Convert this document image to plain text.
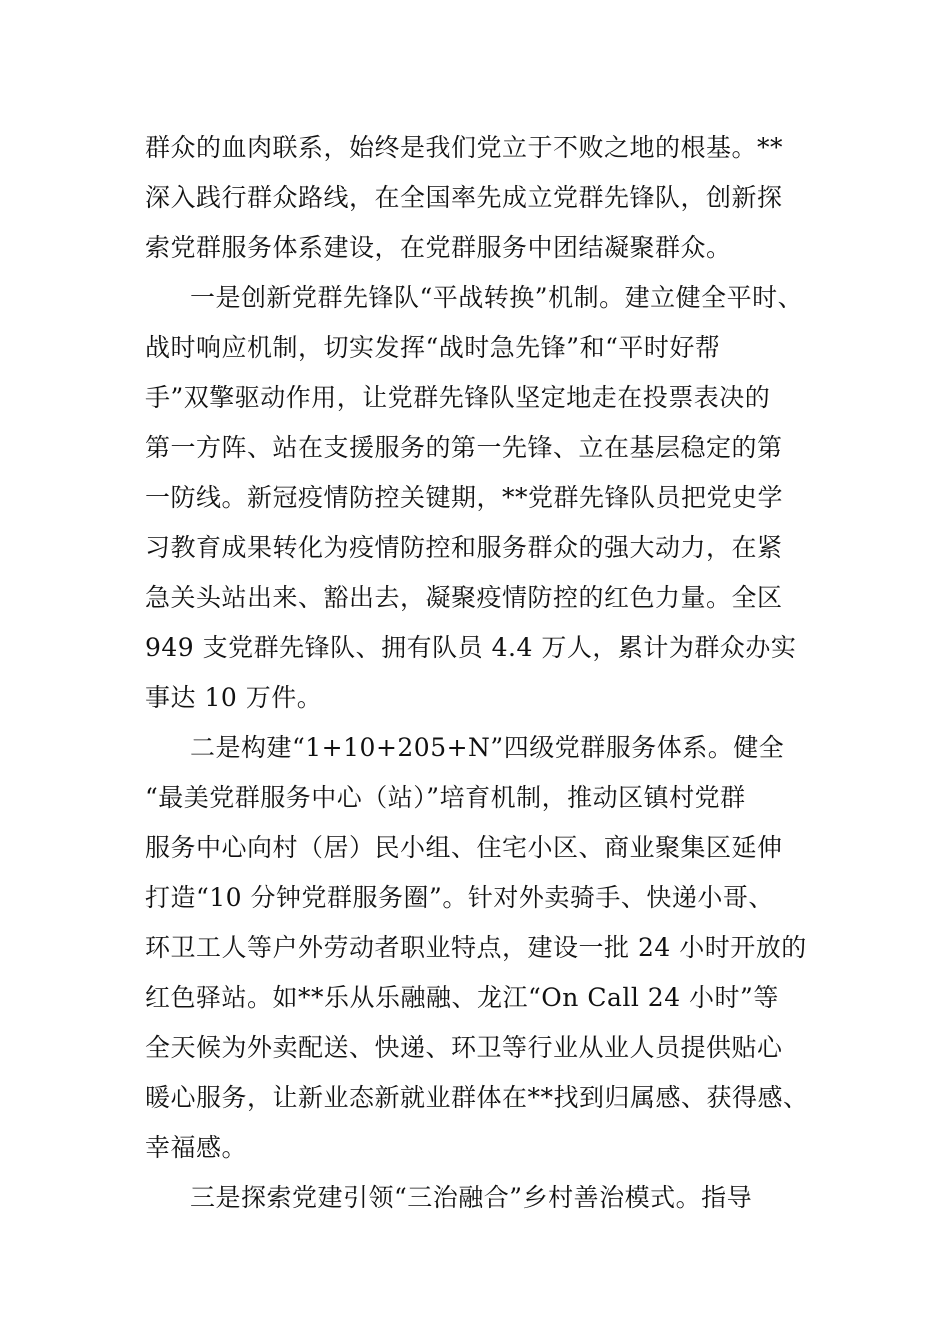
群众的血肉联系，始终是我们党立于不败之地的根基。**
深入践行群众路线，在全国率先成立党群先锋队，创新探
索党群服务体系建设，在党群服务中团结凝聚群众。
一是创新党群先锋队“平战转换”机制。建立健全平时、
战时响应机制，切实发挥“战时急先锋”和“平时好帮
手”双擎驱动作用，让党群先锋队坚定地走在投票表决的
第一方阵、站在支援服务的第一先锋、立在基层稳定的第
一防线。新冠疫情防控关键期，**党群先锋队员把党史学
习教育成果转化为疫情防控和服务群众的强大动力，在紧
急关头站出来、豁出去，凝聚疫情防控的红色力量。全区
949 支党群先锋队、拥有队员 4.4 万人，累计为群众办实
事达 10 万件。
二是构建“1+10+205+N”四级党群服务体系。健全
“最美党群服务中心（站）”培育机制，推动区镇村党群
服务中心向村（居）民小组、住宅小区、商业聚集区延伸
打造“10 分钟党群服务圈”。针对外卖骑手、快递小哥、
环卫工人等户外劳动者职业特点，建设一批 24 小时开放的
红色驿站。如**乐从乐融融、龙江“On Call 24 小时”等
全天候为外卖配送、快递、环卫等行业从业人员提供贴心
暖心服务，让新业态新就业群体在**找到归属感、获得感、
幸福感。
三是探索党建引领“三治融合”乡村善治模式。指导
